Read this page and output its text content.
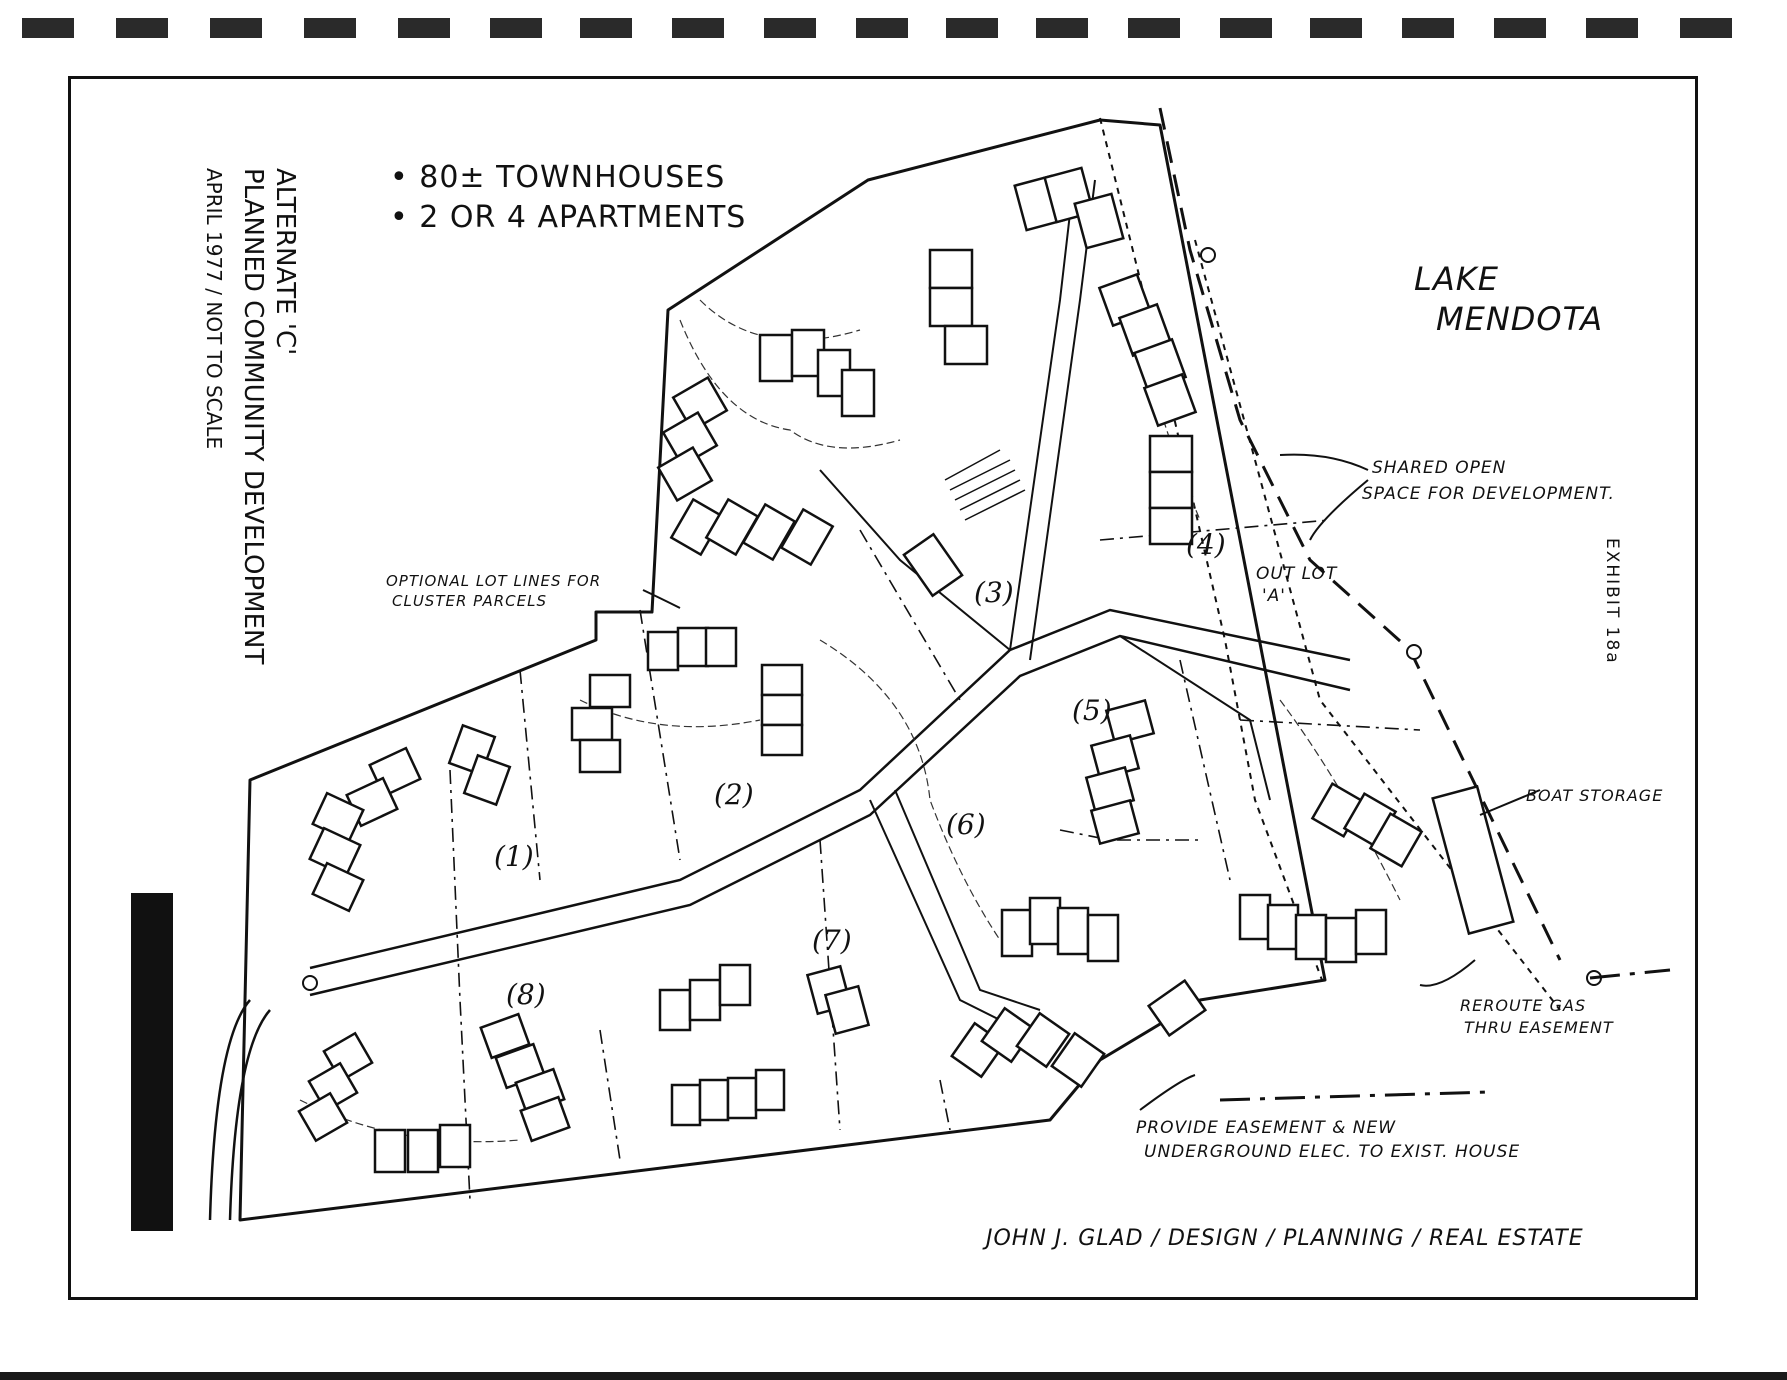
ALTERNATE 'C'
PLANNED COMMUNITY DEVELOPMENT
APRIL 1977 / NOT TO SCALE	• 80± TOWNHOUSES
• 2 OR 4 APARTMENTS
LAKE
MENDOTA
EXHIBIT 18a
OPTIONAL LOT LINES FOR
CLUSTER PARCELS
SHARED OPEN
SPACE FOR DEVELOPMENT.
OUT LOT
'A'
BOAT STORAGE
REROUTE GAS
THRU EASEMENT
PROVIDE EASEMENT & NEW
UNDERGROUND ELEC. TO EXIST. HOUSE
(1)
(2)
(3)
(4)
(5)
(6)
(7)
(8)
JOHN J. GLAD / DESIGN / PLANNING / REAL ESTATE
